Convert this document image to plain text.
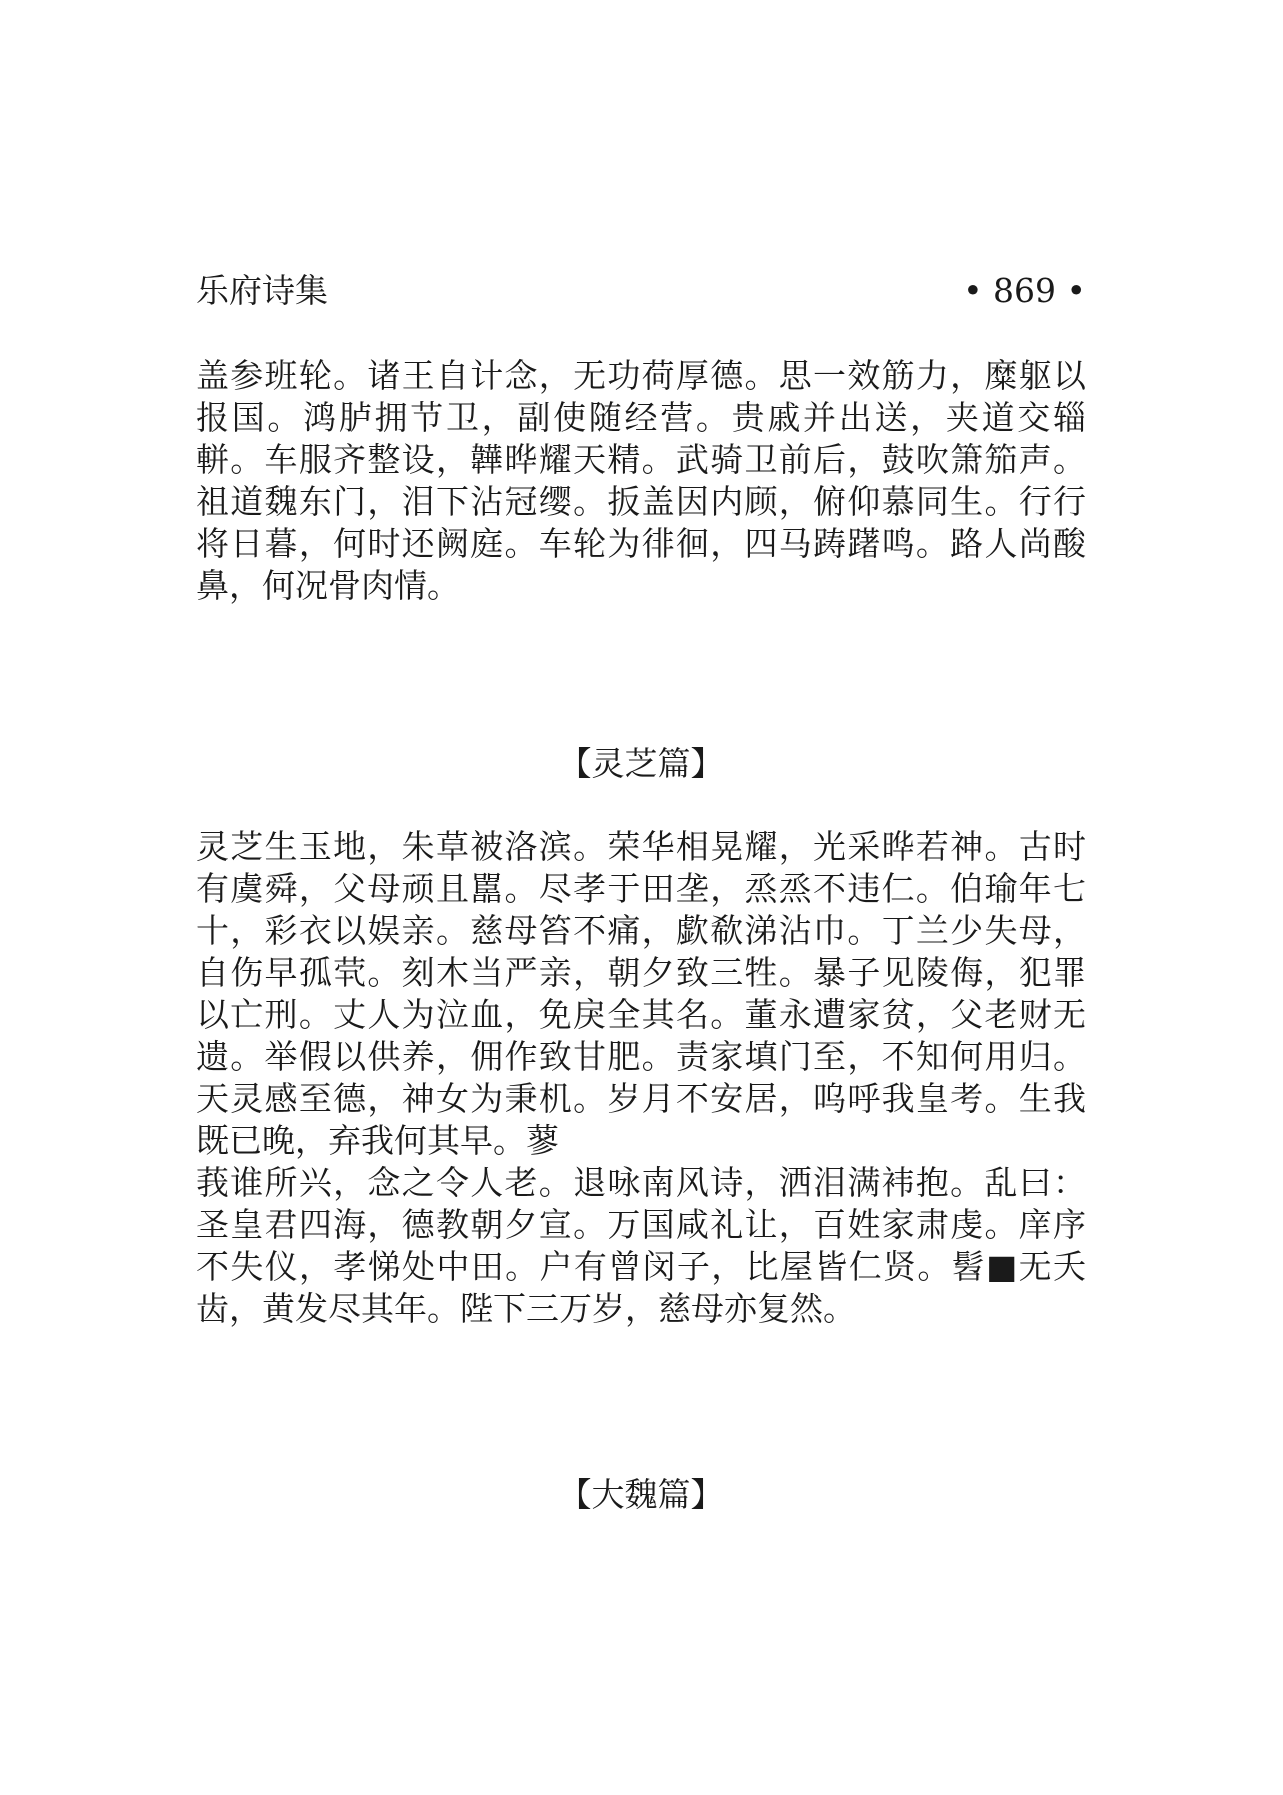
乐府诗集	• 869 •

盖参班轮。诸王自计念，无功荷厚德。思一效筋力，糜躯以报国。鸿胪拥节卫，副使随经营。贵戚并出送，夹道交辎軿。车服齐整设，韡晔耀天精。武骑卫前后，鼓吹箫笳声。祖道魏东门，泪下沾冠缨。扳盖因内顾，俯仰慕同生。行行将日暮，何时还阙庭。车轮为徘徊，四马踌躇鸣。路人尚酸鼻，何况骨肉情。

【灵芝篇】

灵芝生玉地，朱草被洛滨。荣华相晃耀，光采晔若神。古时有虞舜，父母顽且嚚。尽孝于田垄，烝烝不违仁。伯瑜年七十，彩衣以娱亲。慈母笞不痛，歔欷涕沾巾。丁兰少失母，自伤早孤茕。刻木当严亲，朝夕致三牲。暴子见陵侮，犯罪以亡刑。丈人为泣血，免戾全其名。董永遭家贫，父老财无遗。举假以供养，佣作致甘肥。责家填门至，不知何用归。天灵感至德，神女为秉机。岁月不安居，呜呼我皇考。生我既已晚，弃我何其早。蓼

莪谁所兴，念之令人老。退咏南风诗，洒泪满袆抱。乱曰：圣皇君四海，德教朝夕宣。万国咸礼让，百姓家肃虔。庠序不失仪，孝悌处中田。户有曾闵子，比屋皆仁贤。髫■无夭齿，黄发尽其年。陛下三万岁，慈母亦复然。

【大魏篇】
